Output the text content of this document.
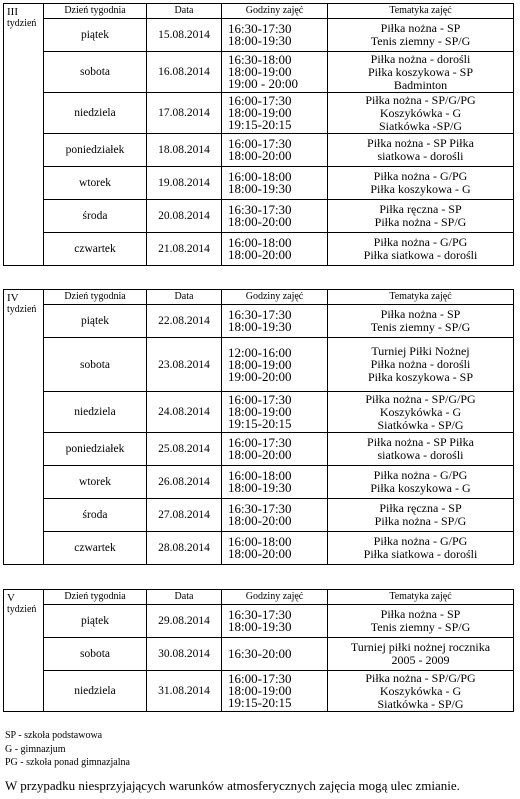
III
tydzień	Dzień tygodnia	Data	Godziny zajęć	Tematyka zajęć
	piątek	15.08.2014	16:30-17:30
18:00-19:30	Piłka nożna - SP
Tenis ziemny - SP/G

	sobota	16.08.2014	16:30-18:00
18:00-19:00
19:00 - 20:00	Piłka nożna - dorośli
Piłka koszykowa - SP
Badminton

	niedziela	17.08.2014	16:00-17:30
18:00-19:00
19:15-20:15	Piłka nożna - SP/G/PG
Koszykówka - G
Siatkówka -SP/G

	poniedziałek	18.08.2014	16:00-17:30
18:00-20:00	Piłka nożna - SP Piłka
siatkowa - dorośli

	wtorek	19.08.2014	16:00-18:00
18:00-19:30	Piłka nożna - G/PG
Piłka koszykowa - G

	środa	20.08.2014	16:30-17:30
18:00-20:00	Piłka ręczna - SP
Piłka nożna - SP/G

	czwartek	21.08.2014	16:00-18:00
18:00-20:00	Piłka nożna - G/PG
Piłka siatkowa - dorośli
IV
tydzień	Dzień tygodnia	Data	Godziny zajęć	Tematyka zajęć
	piątek	22.08.2014	16:30-17:30
18:00-19:30	Piłka nożna - SP
Tenis ziemny - SP/G

	sobota	23.08.2014	12:00-16:00
18:00-19:00
19:00-20:00	Turniej Piłki Nożnej
Piłka nożna - dorośli
Piłka koszykowa - SP

	niedziela	24.08.2014	16:00-17:30
18:00-19:00
19:15-20:15	Piłka nożna - SP/G/PG
Koszykówka - G
Siatkówka - SP/G

	poniedziałek	25.08.2014	16:00-17:30
18:00-20:00	Piłka nożna - SP Piłka
siatkowa - dorośli

	wtorek	26.08.2014	16:00-18:00
18:00-19:30	Piłka nożna - G/PG
Piłka koszykowa - G

	środa	27.08.2014	16:30-17:30
18:00-20:00	Piłka ręczna - SP
Piłka nożna - SP/G

	czwartek	28.08.2014	16:00-18:00
18:00-20:00	Piłka nożna - G/PG
Piłka siatkowa - dorośli
V
tydzień	Dzień tygodnia	Data	Godziny zajęć	Tematyka zajęć
	piątek	29.08.2014	16:30-17:30
18:00-19:30	Piłka nożna - SP
Tenis ziemny - SP/G

	sobota	30.08.2014	16:30-20:00	Turniej piłki nożnej rocznika
2005 - 2009

	niedziela	31.08.2014	16:00-17:30
18:00-19:00
19:15-20:15	Piłka nożna - SP/G/PG
Koszykówka - G
Siatkówka - SP/G
SP - szkoła podstawowa
G - gimnazjum
PG - szkoła ponad gimnazjalna
W przypadku niesprzyjających warunków atmosferycznych zajęcia mogą ulec zmianie.
